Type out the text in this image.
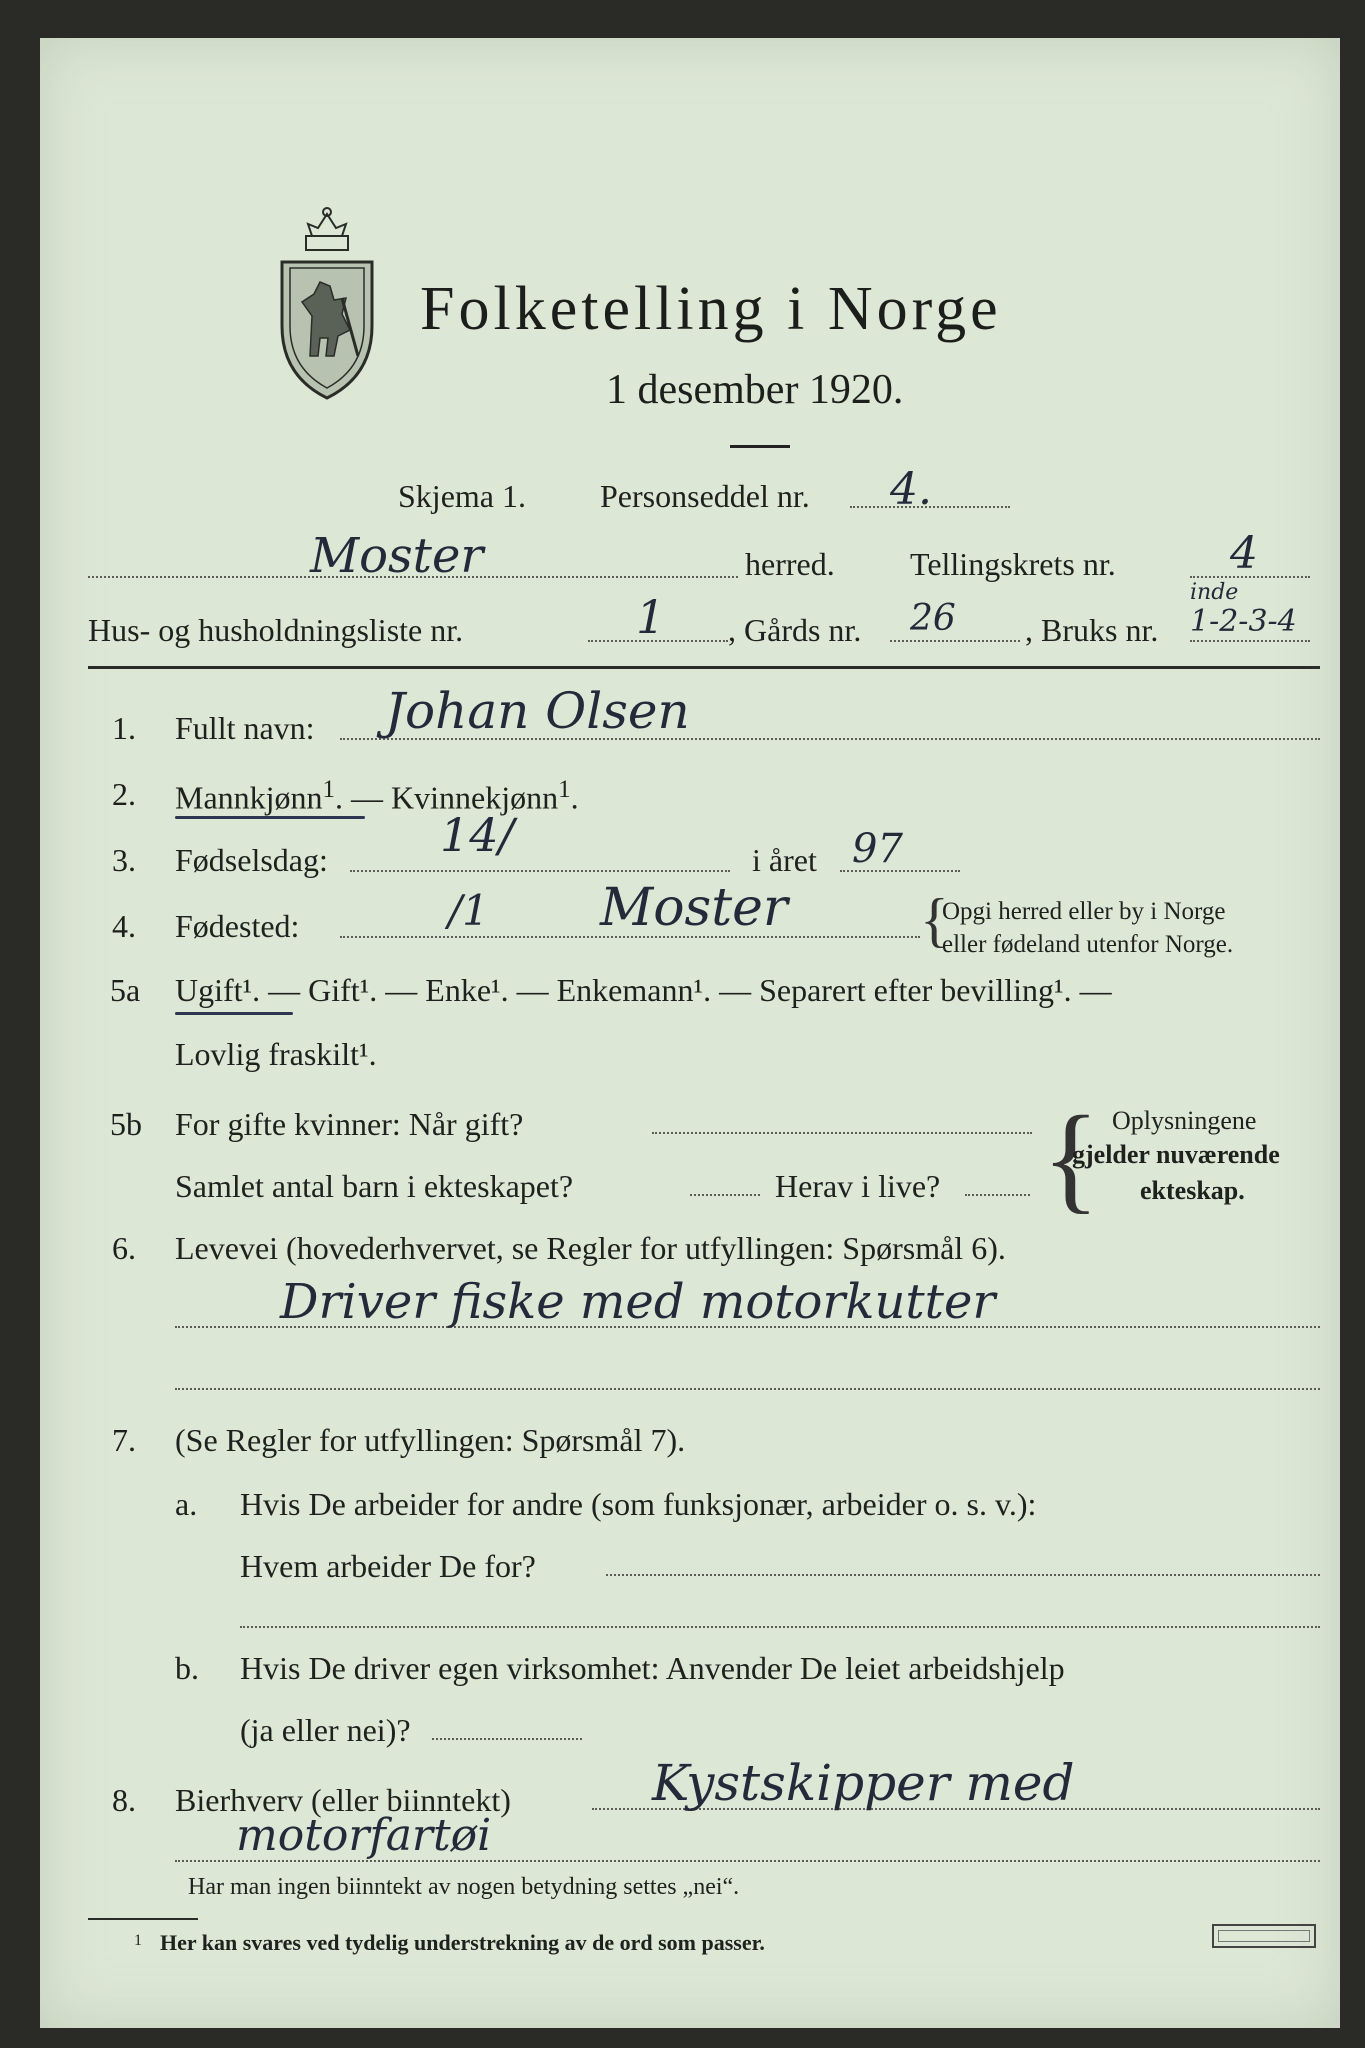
Folketelling i Norge
1 desember 1920.
Skjema 1. Personseddel nr. 4.
Moster	herred. Tellingskrets nr.	4
Hus- og husholdningsliste nr.	1 , Gårds nr. 26 , Bruks nr.
inde
1-2-3-4
1. Fullt navn: Johan Olsen
2. Mannkjønn$^1$. — Kvinnekjønn$^1$.
3. Fødselsdag: 14/	i året 97
4. Fødested:	/1 Moster {
Opgi herred eller by i Norge
eller fødeland utenfor Norge.
5a Ugift¹. — Gift¹. — Enke¹. — Enkemann¹. — Separert efter bevilling¹. —
Lovlig fraskilt¹.
5b For gifte kvinner: Når gift?
Samlet antal barn i ekteskapet?	Herav i live? { Oplysningene
gjelder nuværende
ekteskap.
6. Levevei (hovederhvervet, se Regler for utfyllingen: Spørsmål 6).
Driver fiske med motorkutter
7. (Se Regler for utfyllingen: Spørsmål 7).
a. Hvis De arbeider for andre (som funksjonær, arbeider o. s. v.):
Hvem arbeider De for?
b. Hvis De driver egen virksomhet: Anvender De leiet arbeidshjelp
(ja eller nei)?
8. Bierhverv (eller biinntekt)	Kystskipper med
motorfartøi
Har man ingen biinntekt av nogen betydning settes „nei“.
1 Her kan svares ved tydelig understrekning av de ord som passer.
